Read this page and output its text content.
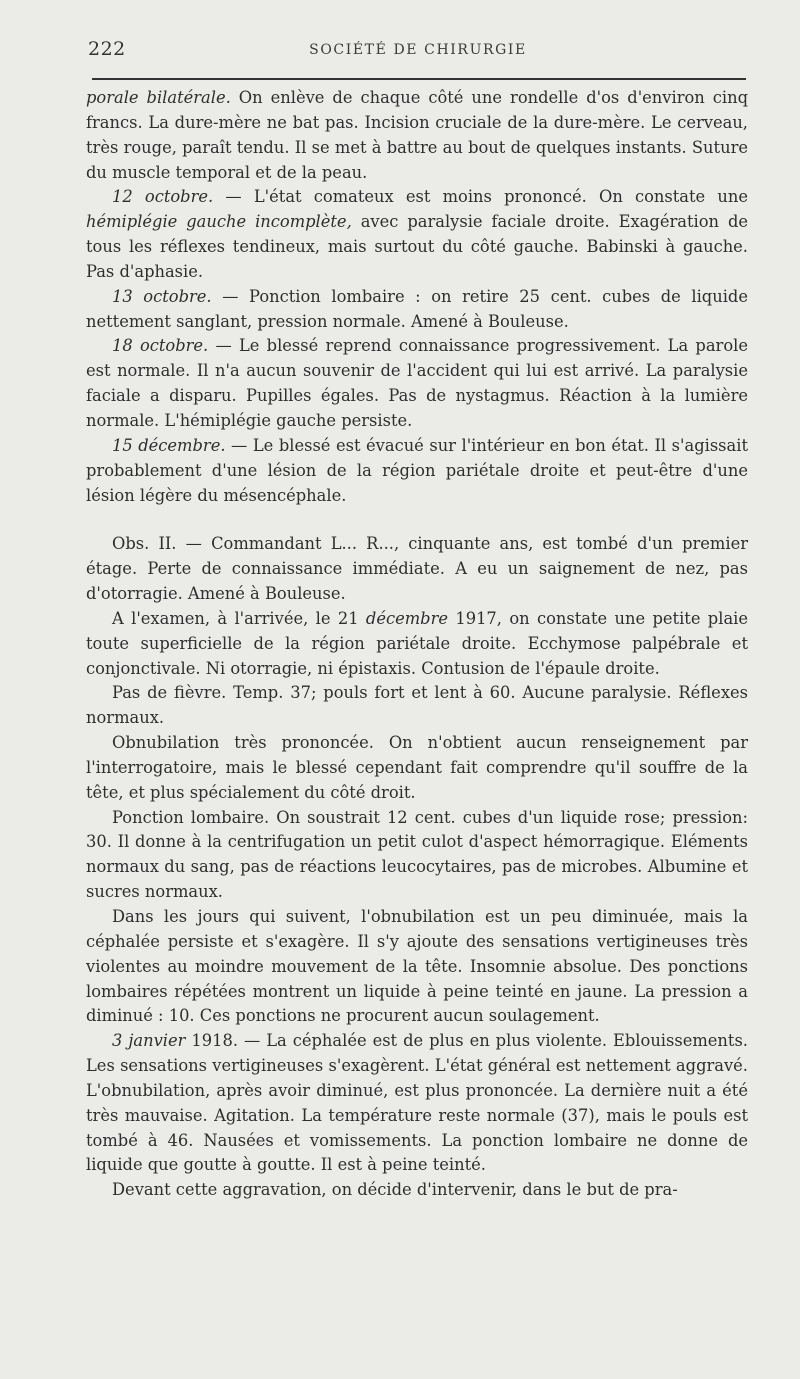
222	SOCIÉTÉ DE CHIRURGIE

porale bilatérale. On enlève de chaque côté une rondelle d'os d'environ cinq francs. La dure-mère ne bat pas. Incision cruciale de la dure-mère. Le cerveau, très rouge, paraît tendu. Il se met à battre au bout de quelques instants. Suture du muscle temporal et de la peau.

12 octobre. — L'état comateux est moins prononcé. On constate une hémiplégie gauche incomplète, avec paralysie faciale droite. Exagération de tous les réflexes tendineux, mais surtout du côté gauche. Babinski à gauche. Pas d'aphasie.

13 octobre. — Ponction lombaire : on retire 25 cent. cubes de liquide nettement sanglant, pression normale. Amené à Bouleuse.

18 octobre. — Le blessé reprend connaissance progressivement. La parole est normale. Il n'a aucun souvenir de l'accident qui lui est arrivé. La paralysie faciale a disparu. Pupilles égales. Pas de nystagmus. Réaction à la lumière normale. L'hémiplégie gauche persiste.

15 décembre. — Le blessé est évacué sur l'intérieur en bon état. Il s'agissait probablement d'une lésion de la région pariétale droite et peut-être d'une lésion légère du mésencéphale.

Obs. II. — Commandant L... R..., cinquante ans, est tombé d'un premier étage. Perte de connaissance immédiate. A eu un saignement de nez, pas d'otorragie. Amené à Bouleuse.

A l'examen, à l'arrivée, le 21 décembre 1917, on constate une petite plaie toute superficielle de la région pariétale droite. Ecchymose palpébrale et conjonctivale. Ni otorragie, ni épistaxis. Contusion de l'épaule droite.

Pas de fièvre. Temp. 37; pouls fort et lent à 60. Aucune paralysie. Réflexes normaux.

Obnubilation très prononcée. On n'obtient aucun renseignement par l'interrogatoire, mais le blessé cependant fait comprendre qu'il souffre de la tête, et plus spécialement du côté droit.

Ponction lombaire. On soustrait 12 cent. cubes d'un liquide rose; pression: 30. Il donne à la centrifugation un petit culot d'aspect hémorragique. Eléments normaux du sang, pas de réactions leucocytaires, pas de microbes. Albumine et sucres normaux.

Dans les jours qui suivent, l'obnubilation est un peu diminuée, mais la céphalée persiste et s'exagère. Il s'y ajoute des sensations vertigineuses très violentes au moindre mouvement de la tête. Insomnie absolue. Des ponctions lombaires répétées montrent un liquide à peine teinté en jaune. La pression a diminué : 10. Ces ponctions ne procurent aucun soulagement.

3 janvier 1918. — La céphalée est de plus en plus violente. Eblouissements. Les sensations vertigineuses s'exagèrent. L'état général est nettement aggravé. L'obnubilation, après avoir diminué, est plus prononcée. La dernière nuit a été très mauvaise. Agitation. La température reste normale (37), mais le pouls est tombé à 46. Nausées et vomissements. La ponction lombaire ne donne de liquide que goutte à goutte. Il est à peine teinté.

Devant cette aggravation, on décide d'intervenir, dans le but de pra-
